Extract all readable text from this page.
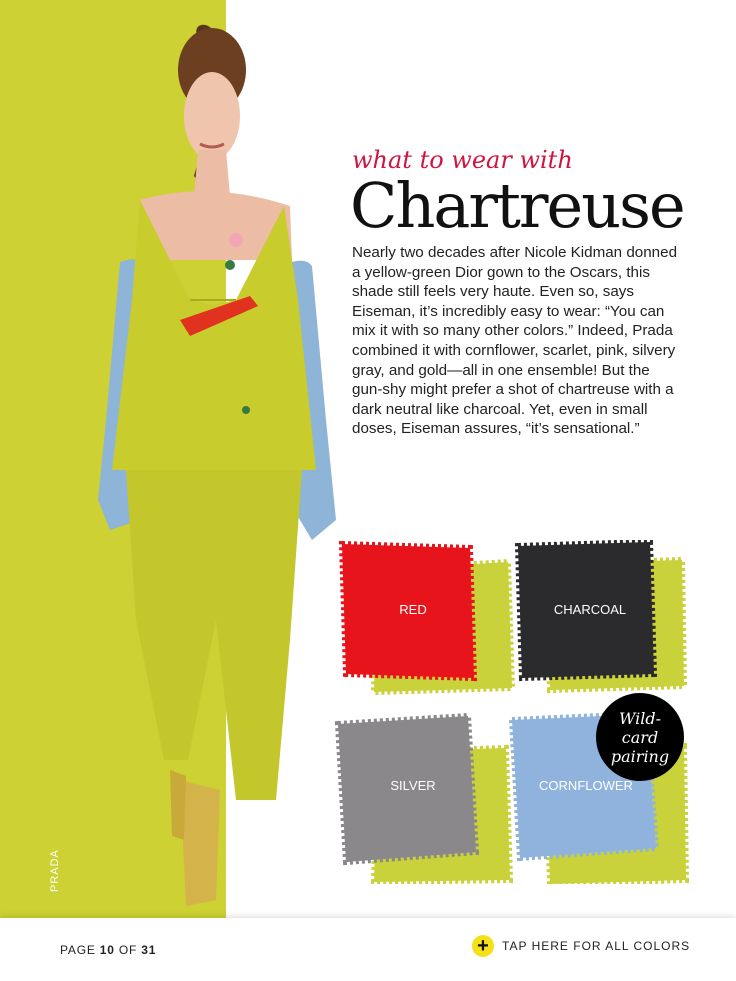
PRADA
what to wear with
Chartreuse
Nearly two decades after Nicole Kidman donned a yellow-green Dior gown to the Oscars, this shade still feels very haute. Even so, says Eiseman, it’s incredibly easy to wear: “You can mix it with so many other colors.” Indeed, Prada combined it with cornflower, scarlet, pink, silvery gray, and gold—all in one ensemble! But the gun-shy might prefer a shot of chartreuse with a dark neutral like charcoal. Yet, even in small doses, Eiseman assures, “it’s sensational.”
RED	CHARCOAL
SILVER	CORNFLOWER
Wild-
card
pairing
PAGE 10 OF 31	+	TAP HERE FOR ALL COLORS
